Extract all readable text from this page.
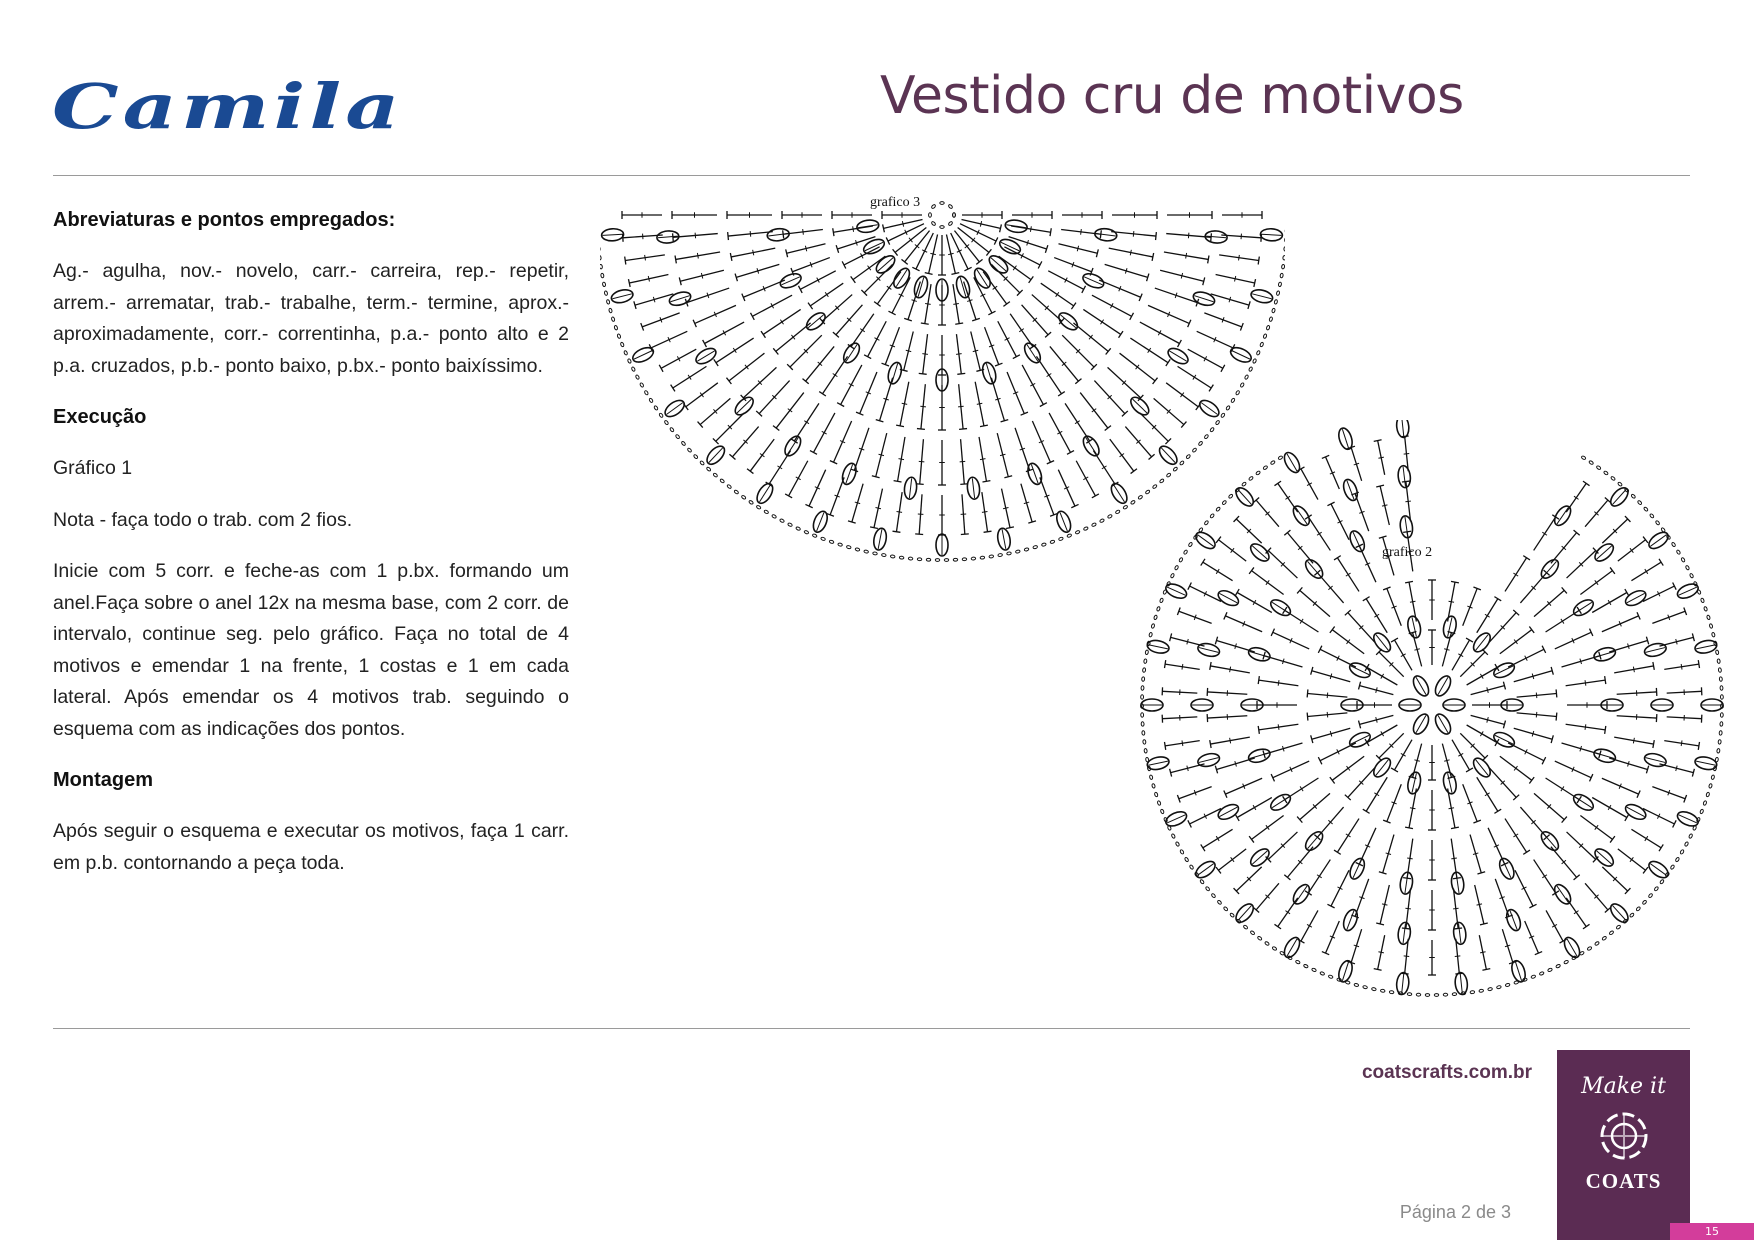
Camila	Vestido cru de motivos
Abreviaturas e pontos empregados:

Ag.- agulha, nov.- novelo, carr.- carreira, rep.- repetir, arrem.- arrematar, trab.- trabalhe, term.- termine, aprox.- aproximadamente, corr.- correntinha, p.a.- ponto alto e 2 p.a. cruzados, p.b.- ponto baixo, p.bx.- ponto baixíssimo.

Execução

Gráfico 1

Nota - faça todo o trab. com 2 fios.

Inicie com 5 corr. e feche-as com 1 p.bx. formando um anel.Faça sobre o anel 12x na mesma base, com 2 corr. de intervalo, continue seg. pelo gráfico. Faça no total de 4 motivos e emendar 1 na frente, 1 costas e 1 em cada lateral. Após emendar os 4 motivos trab. seguindo o esquema com as indicações dos pontos.

Montagem

Após seguir o esquema e executar os motivos, faça 1 carr. em p.b. contornando a peça toda.

grafico 3
grafico 2
coatscrafts.com.br
Página 2 de 3
Make it
COATS
15
